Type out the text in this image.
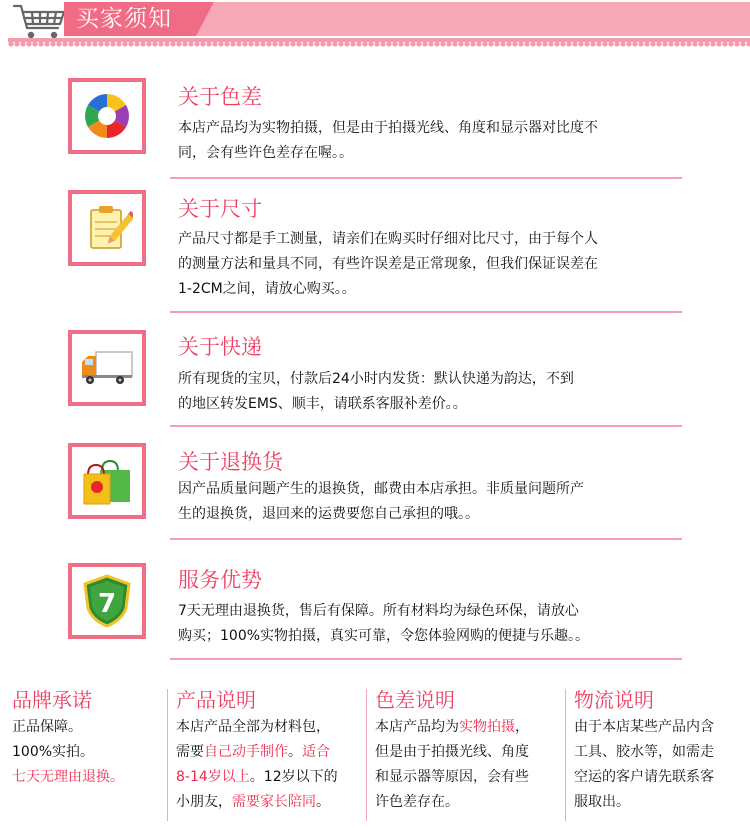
买家须知
关于色差
本店产品均为实物拍摄，但是由于拍摄光线、角度和显示器对比度不
同，会有些许色差存在喔。。
关于尺寸
产品尺寸都是手工测量，请亲们在购买时仔细对比尺寸，由于每个人
的测量方法和量具不同，有些许误差是正常现象，但我们保证误差在
1-2CM之间，请放心购买。。
关于快递
所有现货的宝贝，付款后24小时内发货：默认快递为韵达，不到
的地区转发EMS、顺丰，请联系客服补差价。。
关于退换货
因产品质量问题产生的退换货，邮费由本店承担。非质量问题所产
生的退换货，退回来的运费要您自己承担的哦。。
7
服务优势
7天无理由退换货，售后有保障。所有材料均为绿色环保，请放心
购买；100%实物拍摄，真实可靠，令您体验网购的便捷与乐趣。。
品牌承诺
正品保障。
100%实拍。
七天无理由退换。
产品说明
本店产品全部为材料包，
需要自己动手制作。适合
8-14岁以上。12岁以下的
小朋友，需要家长陪同。
色差说明
本店产品均为实物拍摄，
但是由于拍摄光线、角度
和显示器等原因，会有些
许色差存在。
物流说明
由于本店某些产品内含
工具、胶水等，如需走
空运的客户请先联系客
服取出。
